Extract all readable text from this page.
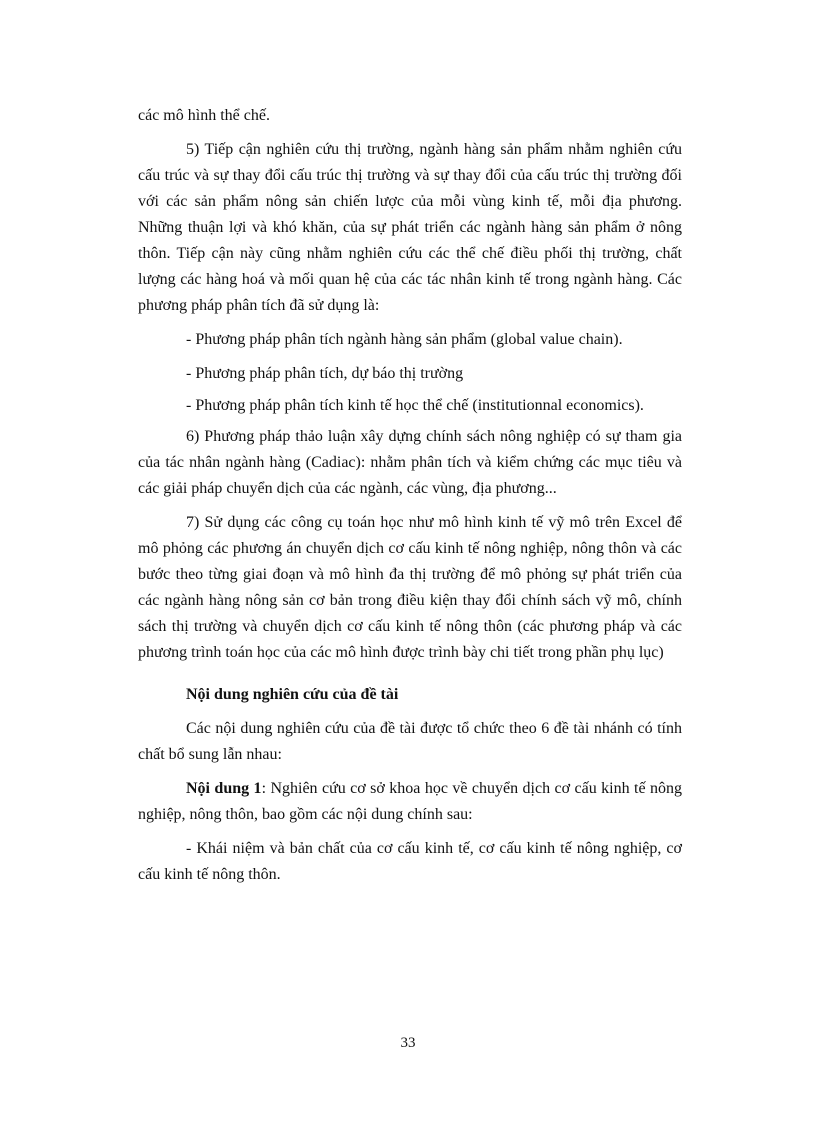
các mô hình thể chế.

5) Tiếp cận nghiên cứu thị trường, ngành hàng sản phẩm nhằm nghiên cứu cấu trúc và sự thay đổi cấu trúc thị trường và sự thay đổi của cấu trúc thị trường đối với các sản phẩm nông sản chiến lược của mỗi vùng kinh tế, mỗi địa phương. Những thuận lợi và khó khăn, của sự phát triển các ngành hàng sản phẩm ở nông thôn. Tiếp cận này cũng nhằm nghiên cứu các thể chế điều phối thị trường, chất lượng các hàng hoá và mối quan hệ của các tác nhân kinh tế trong ngành hàng. Các phương pháp phân tích đã sử dụng là:

- Phương pháp phân tích ngành hàng sản phẩm (global value chain).

- Phương pháp phân tích, dự báo thị trường

- Phương pháp phân tích kinh tế học thể chế (institutionnal economics).

6) Phương pháp thảo luận xây dựng chính sách nông nghiệp có sự tham gia của tác nhân ngành hàng (Cadiac): nhằm phân tích và kiểm chứng các mục tiêu và các giải pháp chuyển dịch của các ngành, các vùng, địa phương...

7) Sử dụng các công cụ toán học như mô hình kinh tế vỹ mô trên Excel để mô phỏng các phương án chuyển dịch cơ cấu kinh tế nông nghiệp, nông thôn và các bước theo từng giai đoạn và mô hình đa thị trường để mô phỏng sự phát triển của các ngành hàng nông sản cơ bản trong điều kiện thay đổi chính sách vỹ mô, chính sách thị trường và chuyển dịch cơ cấu kinh tế nông thôn (các phương pháp và các phương trình toán học của các mô hình được trình bày chi tiết trong phần phụ lục)

Nội dung nghiên cứu của đề tài

Các nội dung nghiên cứu của đề tài được tổ chức theo 6 đề tài nhánh có tính chất bổ sung lẫn nhau:

Nội dung 1: Nghiên cứu cơ sở khoa học về chuyển dịch cơ cấu kinh tế nông nghiệp, nông thôn, bao gồm các nội dung chính sau:

- Khái niệm và bản chất của cơ cấu kinh tế, cơ cấu kinh tế nông nghiệp, cơ cấu kinh tế nông thôn.

33
